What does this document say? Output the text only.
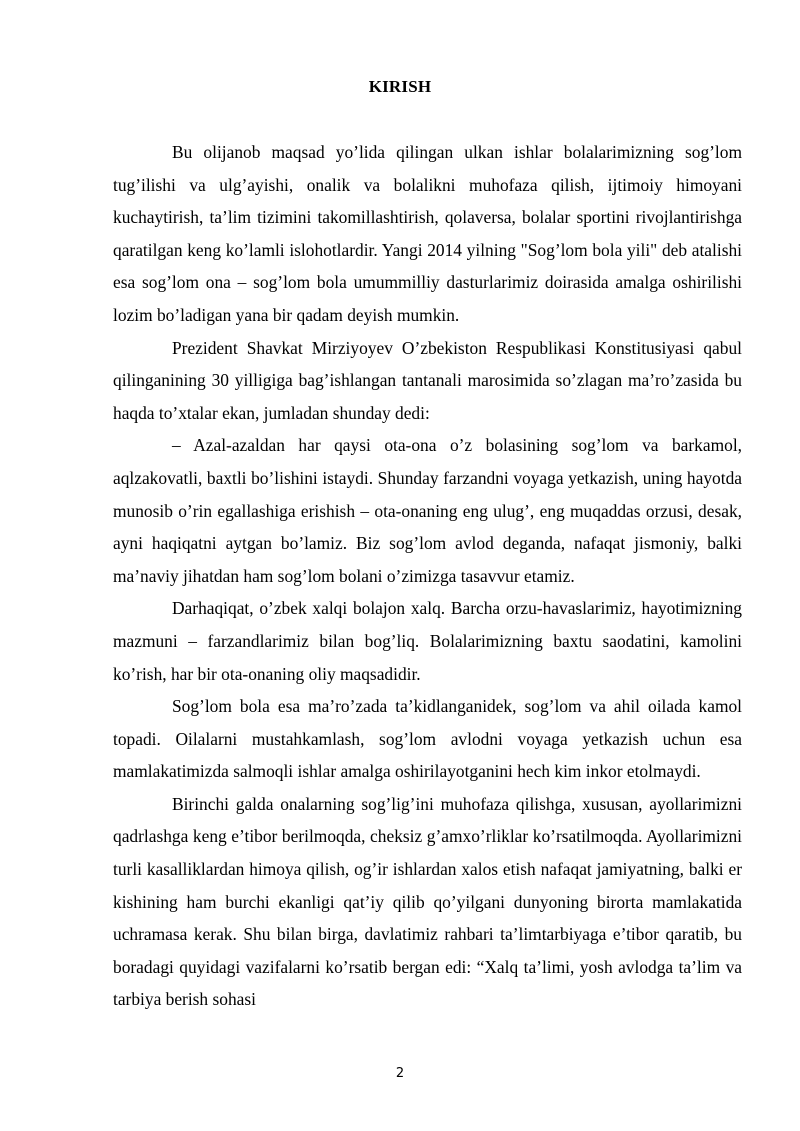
KIRISH

Bu olijanob maqsad yo’lida qilingan ulkan ishlar bolalarimizning sog’lom tug’ilishi va ulg’ayishi, onalik va bolalikni muhofaza qilish, ijtimoiy himoyani kuchaytirish, ta’lim tizimini takomillashtirish, qolaversa, bolalar sportini rivojlantirishga qaratilgan keng ko’lamli islohotlardir. Yangi 2014 yilning "Sog’lom bola yili" deb atalishi esa sog’lom ona – sog’lom bola umummilliy dasturlarimiz doirasida amalga oshirilishi lozim bo’ladigan yana bir qadam deyish mumkin.

Prezident Shavkat Mirziyoyev O’zbekiston Respublikasi Konstitusiyasi qabul qilinganining 30 yilligiga bag’ishlangan tantanali marosimida so’zlagan ma’ro’zasida bu haqda to’xtalar ekan, jumladan shunday dedi:

– Azal-azaldan har qaysi ota-ona o’z bolasining sog’lom va barkamol, aqlzakovatli, baxtli bo’lishini istaydi. Shunday farzandni voyaga yetkazish, uning hayotda munosib o’rin egallashiga erishish – ota-onaning eng ulug’, eng muqaddas orzusi, desak, ayni haqiqatni aytgan bo’lamiz. Biz sog’lom avlod deganda, nafaqat jismoniy, balki ma’naviy jihatdan ham sog’lom bolani o’zimizga tasavvur etamiz.

Darhaqiqat, o’zbek xalqi bolajon xalq. Barcha orzu-havaslarimiz, hayotimizning mazmuni – farzandlarimiz bilan bog’liq. Bolalarimizning baxtu saodatini, kamolini ko’rish, har bir ota-onaning oliy maqsadidir.

Sog’lom bola esa ma’ro’zada ta’kidlanganidek, sog’lom va ahil oilada kamol topadi. Oilalarni mustahkamlash, sog’lom avlodni voyaga yetkazish uchun esa mamlakatimizda salmoqli ishlar amalga oshirilayotganini hech kim inkor etolmaydi.

Birinchi galda onalarning sog’lig’ini muhofaza qilishga, xususan, ayollarimizni qadrlashga keng e’tibor berilmoqda, cheksiz g’amxo’rliklar ko’rsatilmoqda. Ayollarimizni turli kasalliklardan himoya qilish, og’ir ishlardan xalos etish nafaqat jamiyatning, balki er kishining ham burchi ekanligi qat’iy qilib qo’yilgani dunyoning birorta mamlakatida uchramasa kerak. Shu bilan birga, davlatimiz rahbari ta’limtarbiyaga e’tibor qaratib, bu boradagi quyidagi vazifalarni ko’rsatib bergan edi: “Xalq ta’limi, yosh avlodga ta’lim va tarbiya berish sohasi

2
